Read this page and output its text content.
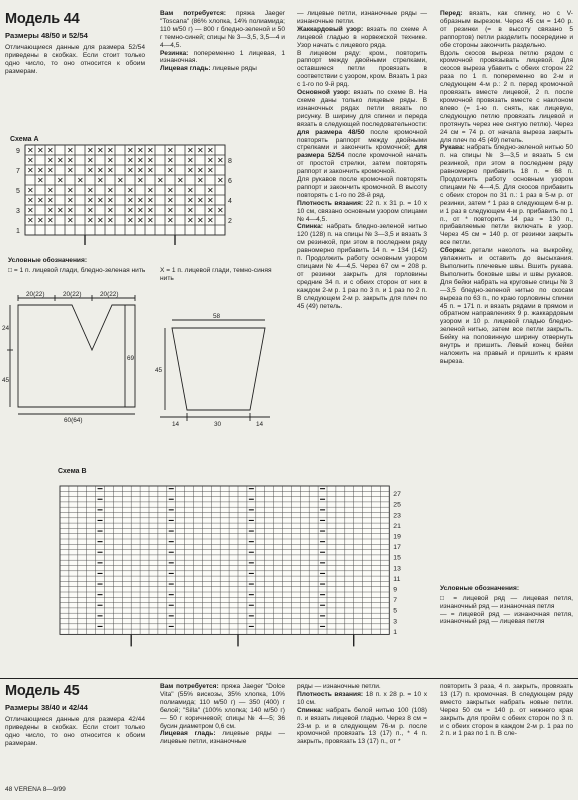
Модель 44
Размеры 48/50 и 52/54
Отличающиеся данные для размера 52/54 приведены в скобках. Если стоит только одно число, то оно относится к обоим размерам.
Вам потребуется: пряжа Jaeger "Toscana" (86% хлопка, 14% полиамида; 110 м/50 г) — 800 г бледно-зеленой и 50 г темно-синей; спицы № 3—3,5, 3,5—4 и 4—4,5.
Резинка: попеременно 1 лицевая, 1 изнаночная.
Лицевая гладь: лицевые ряды
— лицевые петли, изнаночные ряды — изнаночные петли.
Жаккардовый узор: вязать по схеме А лицевой гладью в норвежской технике. Узор начать с лицевого ряда.
В лицевом ряду: кром., повторить раппорт между двойными стрелками, оставшиеся петли провязать в соответствии с узором, кром. Вязать 1 раз с 1-го по 9-й ряд.
Основной узор: вязать по схеме В. На схеме даны только лицевые ряды. В изнаночных рядах петли вязать по рисунку. В ширину для спинки и переда вязать в следующей последовательности: для размера 48/50 после кромочной повторять раппорт между двойными стрелками и закончить кромочной; для размера 52/54 после кромочной начать от простой стрелки, затем повторять раппорт и закончить кромочной.
Для рукавов после кромочной повторять раппорт и закончить кромочной. В высоту повторять с 1-го по 28-й ряд.
Плотность вязания: 22 п. x 31 р. = 10 x 10 см, связано основным узором спицами № 4—4,5.
Спинка: набрать бледно-зеленой нитью 120 (128) п. на спицы № 3—3,5 и вязать 3 см резинкой, при этом в последнем ряду равномерно прибавить 14 п. = 134 (142) п. Продолжить работу основным узором спицами № 4—4,5. Через 67 см = 208 р. от резинки закрыть для горловины средние 34 п. и с обеих сторон от них в каждом 2-м р. 1 раз по 3 п. и 1 раз по 2 п. В следующем 2-м р. закрыть для плеч по 45 (49) петель.
Перед: вязать, как спинку, но с V-образным вырезом. Через 45 см = 140 р. от резинки (= в высоту связано 5 раппортов) петли разделить посередине и обе стороны закончить раздельно.
Вдоль скосов выреза петлю рядом с кромочной провязывать лицевой. Для скосов выреза убавить с обеих сторон 22 раза по 1 п. попеременно во 2-м и следующем 4-м р.: 2 п. перед кромочной провязать вместе лицевой, 2 п. после кромочной провязать вместе с наклоном влево (= 1-ю п. снять, как лицевую, следующую петлю провязать лицевой и протянуть через нее снятую петлю). Через 24 см = 74 р. от начала выреза закрыть для плеч по 45 (49) петель.
Рукава: набрать бледно-зеленой нитью 50 п. на спицы № 3—3,5 и вязать 5 см резинкой, при этом в последнем ряду равномерно прибавить 18 п. = 68 п. Продолжить работу основным узором спицами № 4—4,5. Для скосов прибавить с обеих сторон по 31 п.: 1 раз в 5-м р. от резинки, затем * 1 раз в следующем 6-м р. и 1 раз в следующем 4-м р. прибавить по 1 п., от * повторить 14 раз = 130 п., прибавляемые петли включать в узор. Через 45 см = 140 р. от резинки закрыть все петли.
Сборка: детали наколоть на выкройку, увлажнить и оставить до высыхания. Выполнить плечевые швы. Вшить рукава. Выполнить боковые швы и швы рукавов. Для бейки набрать на круговые спицы № 3—3,5 бледно-зеленой нитью по скосам выреза по 63 п., по краю горловины спинки 45 п. = 171 п. и вязать рядами в прямом и обратном направлениях 9 р. жаккардовым узором и 10 р. лицевой гладью бледно-зеленой нитью, затем все петли закрыть. Бейку на половинную ширину отвернуть внутрь и пришить. Левый конец бейки наложить на правый и пришить к краям выреза.
Схема А
✕ ✕ ✕ ✕ ✕ ✕ ✕ ✕ ✕ ✕ ✕ ✕ ✕ ✕
9
✕ ✕ ✕ ✕ ✕ ✕ ✕ ✕ ✕ ✕ ✕ ✕ ✕ 8
✕ ✕ ✕ ✕ ✕ ✕ ✕ ✕ ✕ ✕ ✕ ✕ ✕ ✕
7
✕ ✕ ✕ ✕ ✕ ✕ ✕ ✕ ✕ ✕ 6
✕ ✕ ✕ ✕ ✕ ✕ ✕ ✕ ✕ ✕
5
✕ ✕ ✕ ✕ ✕ ✕ ✕ ✕ ✕ ✕ ✕ ✕ ✕ ✕ 4
✕ ✕ ✕ ✕ ✕ ✕ ✕ ✕ ✕ ✕ ✕ ✕ ✕
3
✕ ✕ ✕ ✕ ✕ ✕ ✕ ✕ ✕ ✕ ✕ ✕ ✕ ✕ 2
1
Условные обозначения:
□ = 1 п. лицевой глади, бледно-зеленая нить	X = 1 п. лицевой глади, темно-синяя нить
20(22)	20(22)	20(22)
24
45
69
60(64)
58
45
14	30	14
Схема В
27
25
23
21
19
17
15
13
11
9
7
5
3
1
Условные обозначения:
□ = лицевой ряд — лицевая петля, изнаночный ряд — изнаночная петля
— = лицевой ряд — изнаночная петля, изнаночный ряд — лицевая петля
Модель 45
Размеры 38/40 и 42/44
Отличающиеся данные для размера 42/44 приведены в скобках. Если стоит только одно число, то оно относится к обоим размерам.
Вам потребуется: пряжа Jaeger "Dolce Vita" (55% вискозы, 35% хлопка, 10% полиамида; 110 м/50 г) — 350 (400) г белой; "Silla" (100% хлопка; 140 м/50 г) — 50 г коричневой; спицы № 4—5; 36 бусин диаметром 0,6 см.
Лицевая гладь: лицевые ряды — лицевые петли, изнаночные
ряды — изнаночные петли.
Плотность вязания: 18 п. x 28 р. = 10 x 10 см.
Спинка: набрать белой нитью 100 (108) п. и вязать лицевой гладью. Через 8 см = 23-м р. и в следующем 76-м р. после кромочной провязать 13 (17) п., * 4 п. закрыть, провязать 13 (17) п., от *
повторить 3 раза, 4 п. закрыть, провязать 13 (17) п. кромочная. В следующем ряду вместо закрытых набрать новые петли. Через 50 см = 140 р. от нижнего края закрыть для пройм с обеих сторон по 3 п. и с обеих сторон в каждом 2-м р. 1 раз по 2 п. и 1 раз по 1 п. В сле-
48 VERENA 8—9/99
